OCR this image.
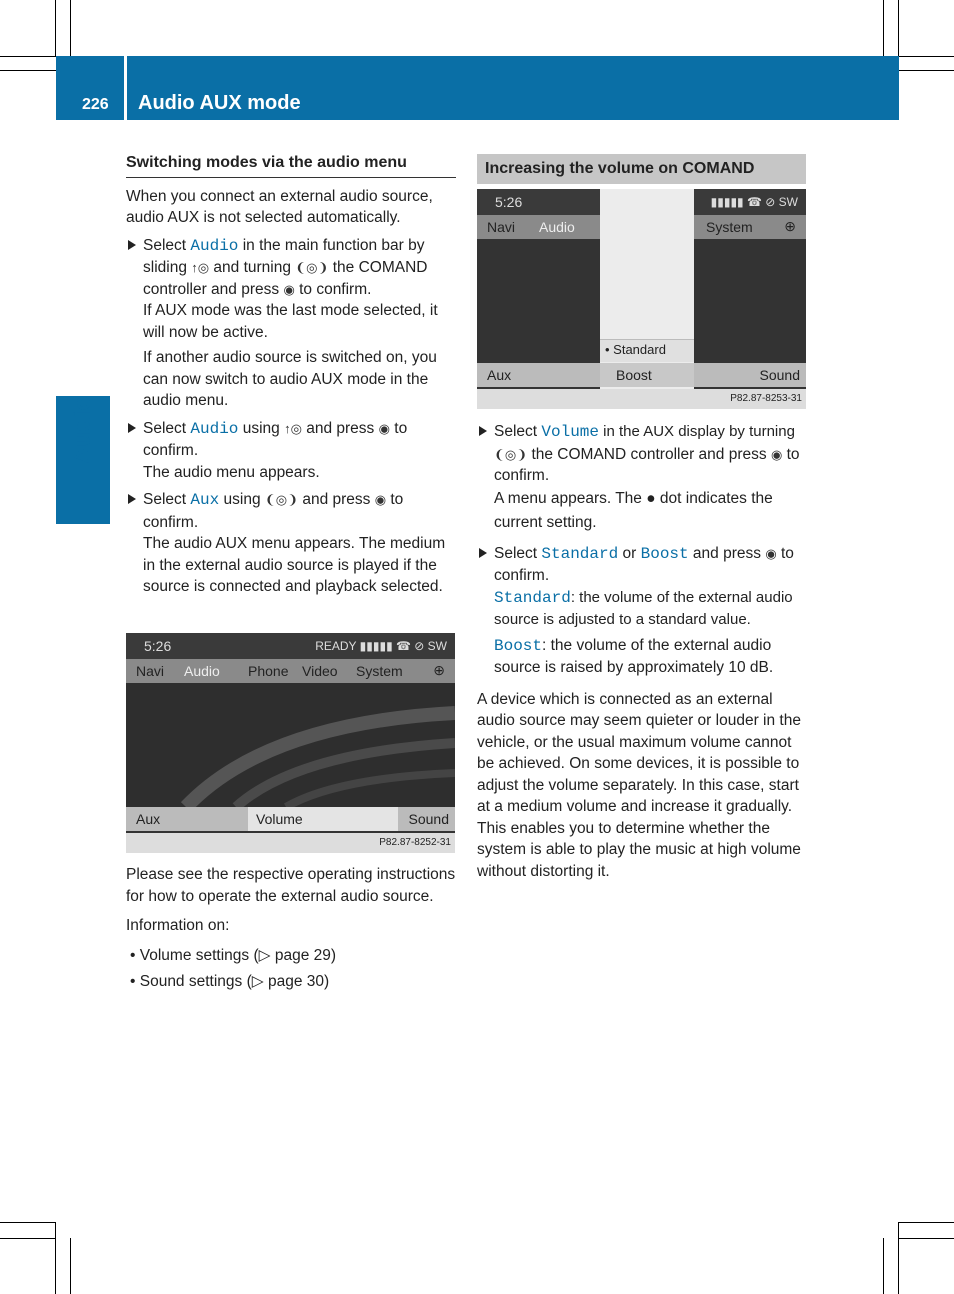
226 Audio AUX mode
Audio
Switching modes via the audio menu

When you connect an external audio source, audio AUX is not selected automatically.

Select Audio in the main function bar by sliding ↑◎ and turning ❨◎❩ the COMAND controller and press ◉ to confirm.
If AUX mode was the last mode selected, it will now be active.
If another audio source is switched on, you can now switch to audio AUX mode in the audio menu.
Select Audio using ↑◎ and press ◉ to confirm.
The audio menu appears.
Select Aux using ❨◎❩ and press ◉ to confirm.
The audio AUX menu appears. The medium in the external audio source is played if the source is connected and playback selected.
5:26	READY ▮▮▮▮▮ ☎ ⊘ SW
Navi Audio Phone Video System ⊕
Aux	Volume	Sound
P82.87-8252-31

Please see the respective operating instructions for how to operate the external audio source.

Information on:

• Volume settings (▷ page 29)
• Sound settings (▷ page 30)
Increasing the volume on COMAND
5:26
Navi Audio
Aux
• Standard
Boost
▮▮▮▮▮ ☎ ⊘ SW
System ⊕
Sound
P82.87-8253-31
Select Volume in the AUX display by turning ❨◎❩ the COMAND controller and press ◉ to confirm.
A menu appears. The ● dot indicates the current setting.
Select Standard or Boost and press ◉ to confirm.
Standard: the volume of the external audio source is adjusted to a standard value.
Boost: the volume of the external audio source is raised by approximately 10 dB.

A device which is connected as an external audio source may seem quieter or louder in the vehicle, or the usual maximum volume cannot be achieved. On some devices, it is possible to adjust the volume separately. In this case, start at a medium volume and increase it gradually. This enables you to determine whether the system is able to play the music at high volume without distorting it.
